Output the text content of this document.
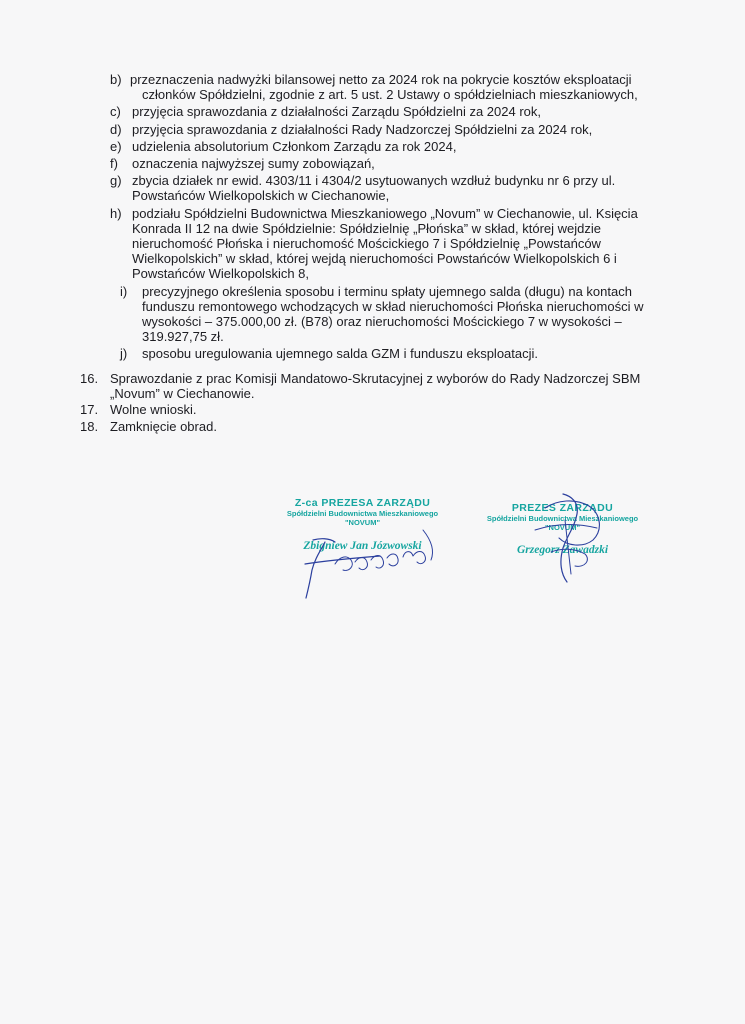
b) przeznaczenia nadwyżki bilansowej netto za 2024 rok na pokrycie kosztów eksploatacji członków Spółdzielni, zgodnie z art. 5 ust. 2 Ustawy o spółdzielniach mieszkaniowych,
c) przyjęcia sprawozdania z działalności Zarządu Spółdzielni za 2024 rok,
d) przyjęcia sprawozdania z działalności Rady Nadzorczej Spółdzielni za 2024 rok,
e) udzielenia absolutorium Członkom Zarządu za rok 2024,
f) oznaczenia najwyższej sumy zobowiązań,
g) zbycia działek nr ewid. 4303/11 i 4304/2 usytuowanych wzdłuż budynku nr 6 przy ul. Powstańców Wielkopolskich w Ciechanowie,
h) podziału Spółdzielni Budownictwa Mieszkaniowego „Novum” w Ciechanowie, ul. Księcia Konrada II 12 na dwie Spółdzielnie: Spółdzielnię „Płońska” w skład, której wejdzie nieruchomość Płońska i nieruchomość Mościckiego 7 i Spółdzielnię „Powstańców Wielkopolskich” w skład, której wejdą nieruchomości Powstańców Wielkopolskich 6 i Powstańców Wielkopolskich 8,
i) precyzyjnego określenia sposobu i terminu spłaty ujemnego salda (długu) na kontach funduszu remontowego wchodzących w skład nieruchomości Płońska nieruchomości w wysokości – 375.000,00 zł. (B78) oraz nieruchomości Mościckiego 7 w wysokości – 319.927,75 zł.
j) sposobu uregulowania ujemnego salda GZM i funduszu eksploatacji.
16. Sprawozdanie z prac Komisji Mandatowo-Skrutacyjnej z wyborów do Rady Nadzorczej SBM „Novum” w Ciechanowie.
17. Wolne wnioski.
18. Zamknięcie obrad.
Z-ca PREZESA ZARZĄDU
Spółdzielni Budownictwa Mieszkaniowego
"NOVUM"
Zbigniew Jan Józwowski
PREZES ZARZĄDU
Spółdzielni Budownictwa Mieszkaniowego
"NOVUM"
Grzegorz Zawadzki
